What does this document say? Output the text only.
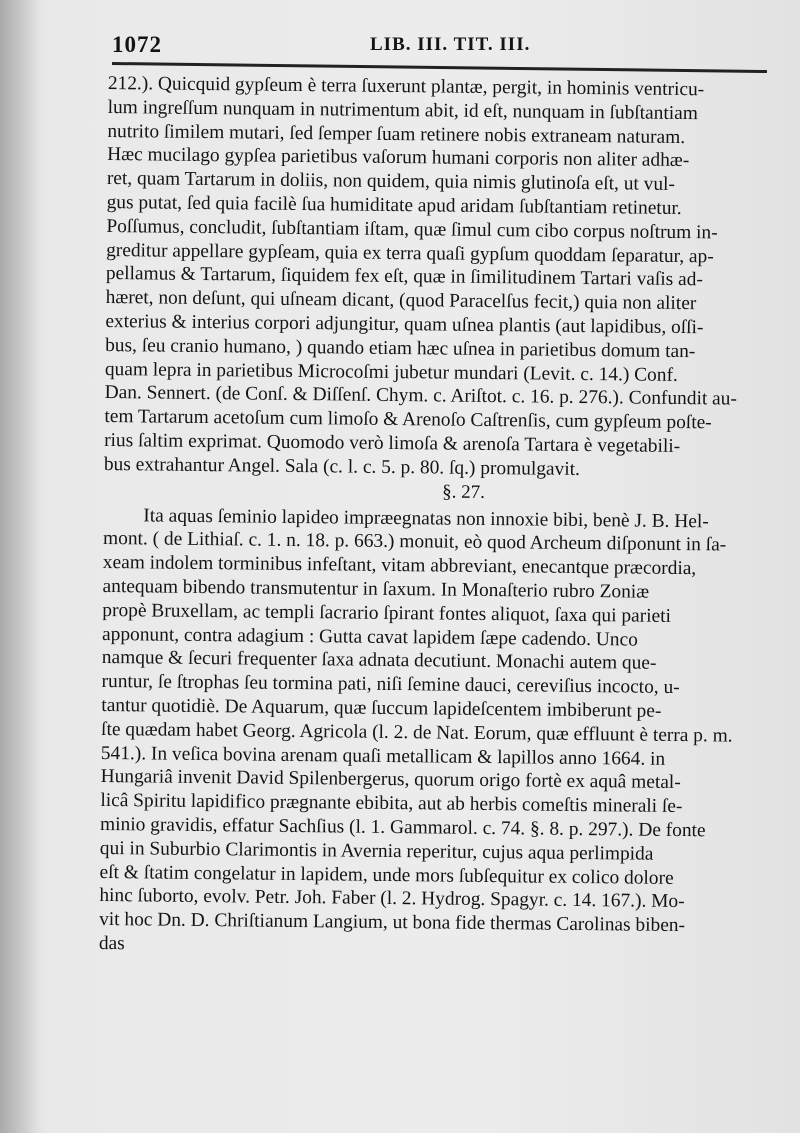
1072	LIB. III. TIT. III.
212.). Quicquid gypſeum è terra ſuxerunt plantæ, pergit, in hominis ventricu-
lum ingreſſum nunquam in nutrimentum abit, id eſt, nunquam in ſubſtantiam
nutrito ſimilem mutari, ſed ſemper ſuam retinere nobis extraneam naturam.
Hæc mucilago gypſea parietibus vaſorum humani corporis non aliter adhæ-
ret, quam Tartarum in doliis, non quidem, quia nimis glutinoſa eſt, ut vul-
gus putat, ſed quia facilè ſua humiditate apud aridam ſubſtantiam retinetur.
Poſſumus, concludit, ſubſtantiam iſtam, quæ ſimul cum cibo corpus noſtrum in-
greditur appellare gypſeam, quia ex terra quaſi gypſum quoddam ſeparatur, ap-
pellamus & Tartarum, ſiquidem fex eſt, quæ in ſimilitudinem Tartari vaſis ad-
hæret, non deſunt, qui uſneam dicant, (quod Paracelſus fecit,) quia non aliter
exterius & interius corpori adjungitur, quam uſnea plantis (aut lapidibus, oſſi-
bus, ſeu cranio humano, ) quando etiam hæc uſnea in parietibus domum tan-
quam lepra in parietibus Microcoſmi jubetur mundari (Levit. c. 14.) Conf.
Dan. Sennert. (de Conſ. & Diſſenſ. Chym. c. Ariſtot. c. 16. p. 276.). Confundit au-
tem Tartarum acetoſum cum limoſo & Arenoſo Caſtrenſis, cum gypſeum poſte-
rius ſaltim exprimat. Quomodo verò limoſa & arenoſa Tartara è vegetabili-
bus extrahantur Angel. Sala (c. l. c. 5. p. 80. ſq.) promulgavit.
§. 27.
Ita aquas ſeminio lapideo impræegnatas non innoxie bibi, benè J. B. Hel-
mont. ( de Lithiaſ. c. 1. n. 18. p. 663.) monuit, eò quod Archeum diſponunt in ſa-
xeam indolem torminibus infeſtant, vitam abbreviant, enecantque præcordia,
antequam bibendo transmutentur in ſaxum. In Monaſterio rubro Zoniæ
propè Bruxellam, ac templi ſacrario ſpirant fontes aliquot, ſaxa qui parieti
apponunt, contra adagium : Gutta cavat lapidem ſæpe cadendo. Unco
namque & ſecuri frequenter ſaxa adnata decutiunt. Monachi autem que-
runtur, ſe ſtrophas ſeu tormina pati, niſi ſemine dauci, cereviſius incocto, u-
tantur quotidiè. De Aquarum, quæ ſuccum lapideſcentem imbiberunt pe-
ſte quædam habet Georg. Agricola (l. 2. de Nat. Eorum, quæ effluunt è terra p. m.
541.). In veſica bovina arenam quaſi metallicam & lapillos anno 1664. in
Hungariâ invenit David Spilenbergerus, quorum origo fortè ex aquâ metal-
licâ Spiritu lapidifico prægnante ebibita, aut ab herbis comeſtis minerali ſe-
minio gravidis, effatur Sachſius (l. 1. Gammarol. c. 74. §. 8. p. 297.). De fonte
qui in Suburbio Clarimontis in Avernia reperitur, cujus aqua perlimpida
eſt & ſtatim congelatur in lapidem, unde mors ſubſequitur ex colico dolore
hinc ſuborto, evolv. Petr. Joh. Faber (l. 2. Hydrog. Spagyr. c. 14. 167.). Mo-
vit hoc Dn. D. Chriſtianum Langium, ut bona fide thermas Carolinas biben-
das
